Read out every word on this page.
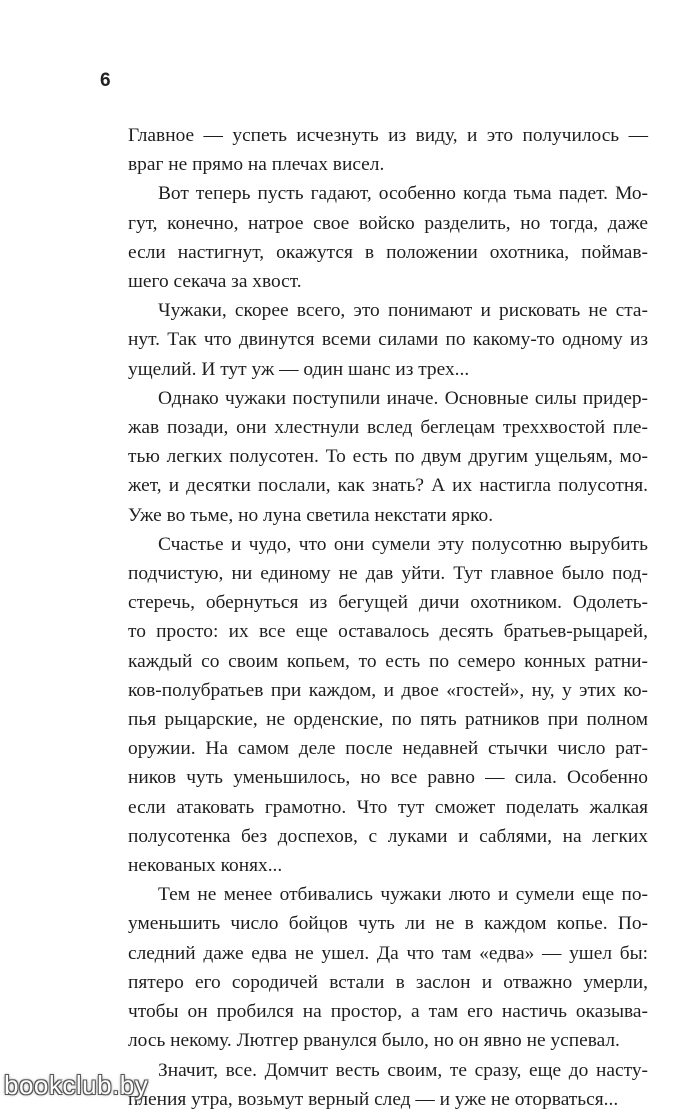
6
Главное — успеть исчезнуть из виду, и это получилось —
враг не прямо на плечах висел.
Вот теперь пусть гадают, особенно когда тьма падет. Мо-
гут, конечно, натрое свое войско разделить, но тогда, даже
если настигнут, окажутся в положении охотника, поймав-
шего секача за хвост.
Чужаки, скорее всего, это понимают и рисковать не ста-
нут. Так что двинутся всеми силами по какому-то одному из
ущелий. И тут уж — один шанс из трех...
Однако чужаки поступили иначе. Основные силы придер-
жав позади, они хлестнули вслед беглецам треххвостой пле-
тью легких полусотен. То есть по двум другим ущельям, мо-
жет, и десятки послали, как знать? А их настигла полусотня.
Уже во тьме, но луна светила некстати ярко.
Счастье и чудо, что они сумели эту полусотню вырубить
подчистую, ни единому не дав уйти. Тут главное было под-
стеречь, обернуться из бегущей дичи охотником. Одолеть-
то просто: их все еще оставалось десять братьев-рыцарей,
каждый со своим копьем, то есть по семеро конных ратни-
ков-полубратьев при каждом, и двое «гостей», ну, у этих ко-
пья рыцарские, не орденские, по пять ратников при полном
оружии. На самом деле после недавней стычки число рат-
ников чуть уменьшилось, но все равно — сила. Особенно
если атаковать грамотно. Что тут сможет поделать жалкая
полусотенка без доспехов, с луками и саблями, на легких
некованых конях...
Тем не менее отбивались чужаки люто и сумели еще по-
уменьшить число бойцов чуть ли не в каждом копье. По-
следний даже едва не ушел. Да что там «едва» — ушел бы:
пятеро его сородичей встали в заслон и отважно умерли,
чтобы он пробился на простор, а там его настичь оказыва-
лось некому. Лютгер рванулся было, но он явно не успевал.
Значит, все. Домчит весть своим, те сразу, еще до насту-
пления утра, возьмут верный след — и уже не оторваться...
bookclub.by
